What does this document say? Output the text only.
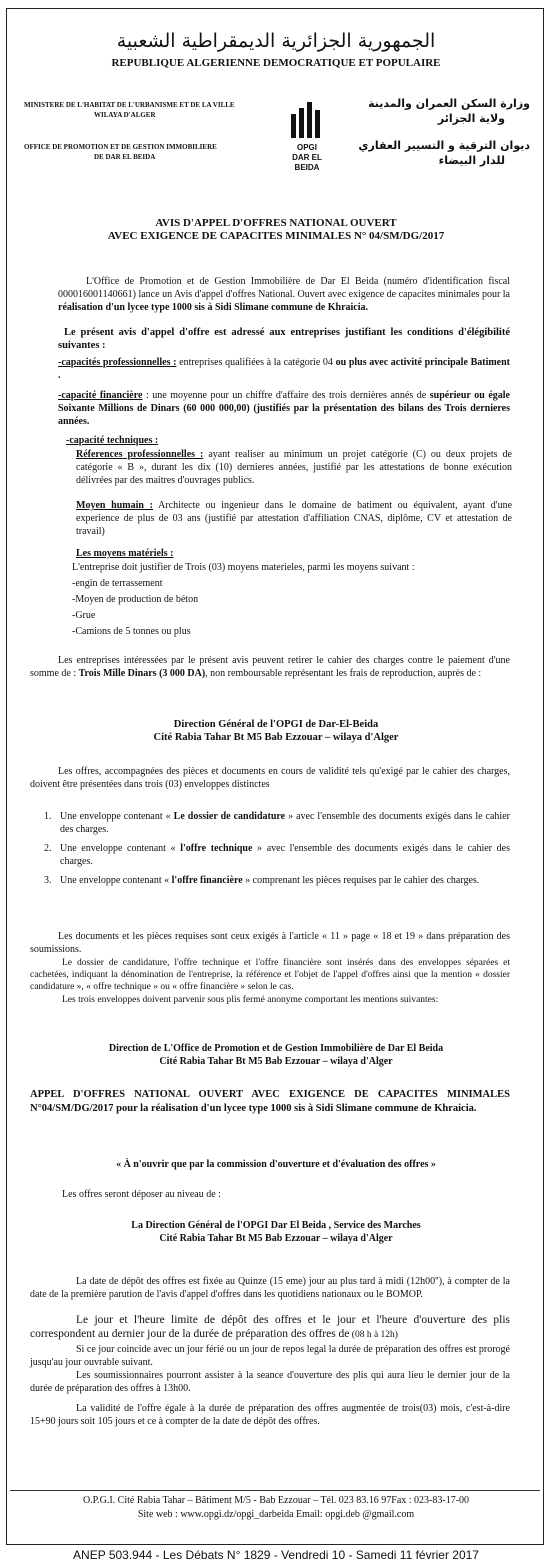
الجمهورية الجزائرية الديمقراطية الشعبية
REPUBLIQUE ALGERIENNE DEMOCRATIQUE ET POPULAIRE
MINISTERE DE L'HABITAT DE L'URBANISME ET DE LA VILLE
WILAYA D'ALGER
OFFICE DE PROMOTION ET DE GESTION IMMOBILIERE
DE DAR EL BEIDA
OPGI
DAR EL BEIDA
وزارة السكن العمران والمدينة
ولاية الجزائر
ديوان الترقية و التسيير العقاري
للدار البيضاء
AVIS D'APPEL D'OFFRES NATIONAL OUVERT
AVEC EXIGENCE DE CAPACITES MINIMALES N° 04/SM/DG/2017
L'Office de Promotion et de Gestion Immobilière de Dar El Beida (numéro d'identification fiscal 000016001140661) lance un Avis d'appel d'offres National. Ouvert avec exigence de capacites minimales pour la réalisation d'un lycee type 1000 sis à Sidi Slimane commune de Khraicia.
Le présent avis d'appel d'offre est adressé aux entreprises justifiant les conditions d'élégibilité suivantes :
-capacités professionnelles : entreprises qualifiées à la catégorie 04 ou plus avec activité principale Batiment .
-capacité financière : une moyenne pour un chiffre d'affaire des trois dernières annés de supérieur ou égale Soixante Millions de Dinars (60 000 000,00) (justifiés par la présentation des bilans des Trois dernieres années.
-capacité techniques :
Réferences professionnelles : ayant realiser au minimum un projet catégorie (C) ou deux projets de catégorie « B », durant les dix (10) dernieres années, justifié par les attestations de bonne exécution délivrées par des maitres d'ouvrages publics.
Moyen humain : Architecte ou ingenieur dans le domaine de batiment ou équivalent, ayant d'une experience de plus de 03 ans (justifié par attestation d'affiliation CNAS, diplôme, CV et attestation de travail)
Les moyens matériels :
L'entreprise doit justifier de Trois (03) moyens materieles, parmi les moyens suivant :
-engin de terrassement
-Moyen de production de béton
-Grue
-Camions de 5 tonnes ou plus
Les entreprises intéressées par le présent avis peuvent retirer le cahier des charges contre le paiement d'une somme de : Trois Mille Dinars (3 000 DA), non remboursable représentant les frais de reproduction, auprès de :
Direction Général de l'OPGI de Dar-El-Beida
Cité Rabia Tahar Bt M5 Bab Ezzouar – wilaya d'Alger
Les offres, accompagnées des pièces et documents en cours de validité tels qu'exigé par le cahier des charges, doivent être présentées dans trois (03) enveloppes distinctes
1. Une enveloppe contenant « Le dossier de candidature » avec l'ensemble des documents exigés dans le cahier des charges.
2. Une enveloppe contenant « l'offre technique » avec l'ensemble des documents exigés dans le cahier des charges.
3. Une enveloppe contenant « l'offre financière » comprenant les pièces requises par le cahier des charges.
Les documents et les pièces requises sont ceux exigés à l'article « 11 » page « 18 et 19 » dans préparation des soumissions.
Le dossier de candidature, l'offre technique et l'offre financière sont insérés dans des enveloppes séparées et cachetées, indiquant la dénomination de l'entreprise, la référence et l'objet de l'appel d'offres ainsi que la mention « dossier candidature », « offre technique » ou « offre financière » selon le cas.
Les trois enveloppes doivent parvenir sous plis fermé anonyme comportant les mentions suivantes:
Direction de L'Office de Promotion et de Gestion Immobilière de Dar El Beida
Cité Rabia Tahar Bt M5 Bab Ezzouar – wilaya d'Alger
APPEL D'OFFRES NATIONAL OUVERT AVEC EXIGENCE DE CAPACITES MINIMALES N°04/SM/DG/2017 pour la réalisation d'un lycee type 1000 sis à Sidi Slimane commune de Khraicia.
« À n'ouvrir que par la commission d'ouverture et d'évaluation des offres »
Les offres seront déposer au niveau de :
La Direction Général de l'OPGI Dar El Beida , Service des Marches
Cité Rabia Tahar Bt M5 Bab Ezzouar – wilaya d'Alger
La date de dépôt des offres est fixée au Quinze (15 eme) jour au plus tard à midi (12h00''), à compter de la date de la première parution de l'avis d'appel d'offres dans les quotidiens nationaux ou le BOMOP.
Le jour et l'heure limite de dépôt des offres et le jour et l'heure d'ouverture des plis correspondent au dernier jour de la durée de préparation des offres de (08 h à 12h)
Si ce jour coincide avec un jour férié ou un jour de repos legal la durée de préparation des offres est prorogé jusqu'au jour ouvrable suivant.
Les soumissionnaires pourront assister à la seance d'ouverture des plis qui aura lieu le dernier jour de la durée de préparation des offres à 13h00.
La validité de l'offre égale à la durée de préparation des offres augmentée de trois(03) mois, c'est-à-dire 15+90 jours soit 105 jours et ce à compter de la date de dépôt des offres.
O.P.G.I. Cité Rabia Tahar – Bâtiment M/5 - Bab Ezzouar – Tél. 023 83.16 97Fax : 023-83-17-00
Site web : www.opgi.dz/opgi_darbeida Email: opgi.deb @gmail.com
ANEP 503.944 - Les Débats N° 1829 - Vendredi 10 - Samedi 11 février 2017
